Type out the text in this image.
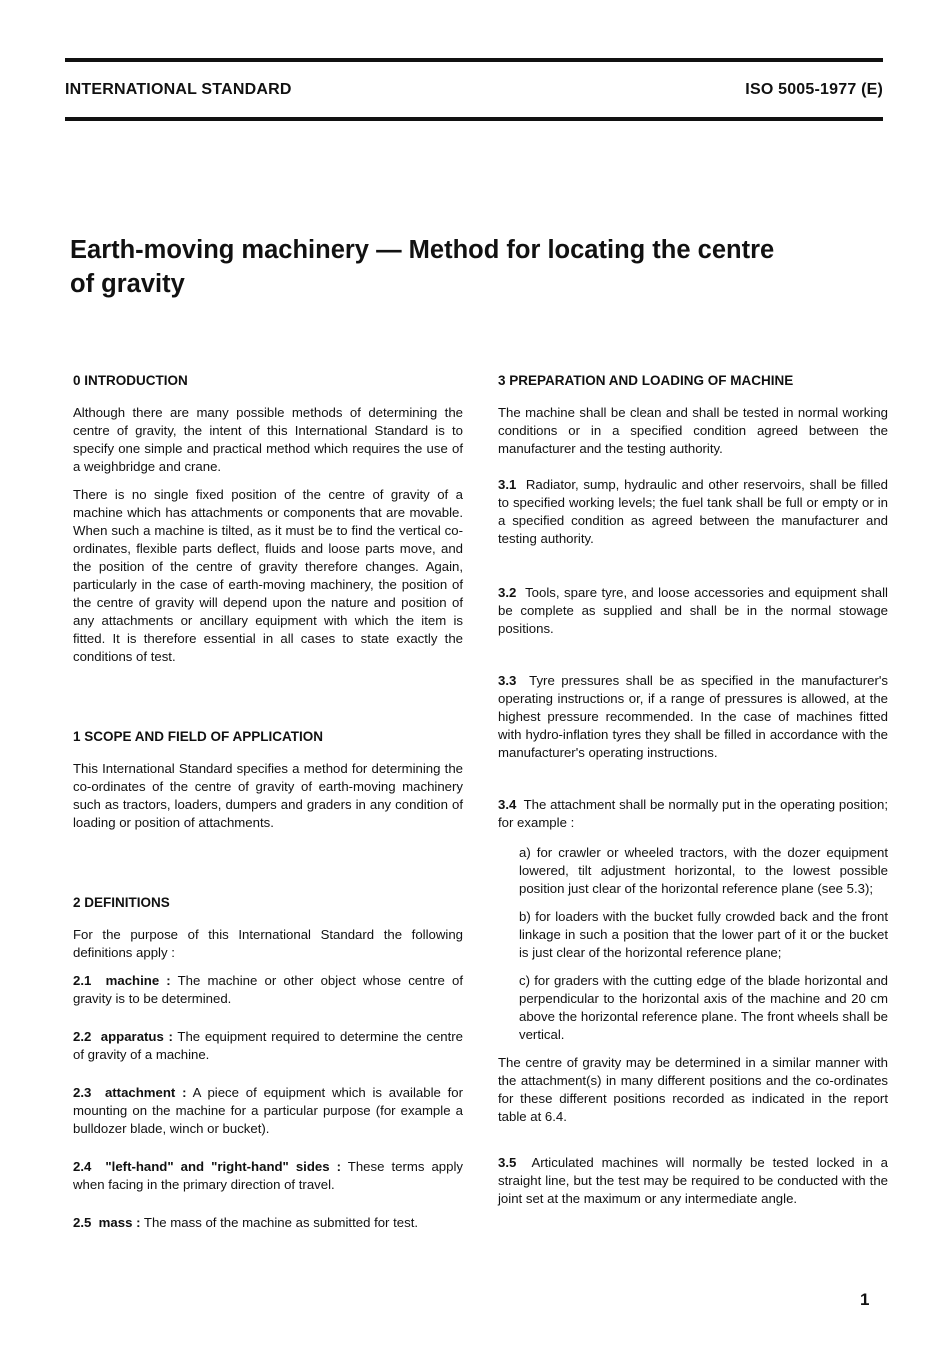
INTERNATIONAL STANDARD	ISO 5005-1977 (E)
Earth-moving machinery — Method for locating the centre
of gravity
0 INTRODUCTION

Although there are many possible methods of determining the centre of gravity, the intent of this International Standard is to specify one simple and practical method which requires the use of a weighbridge and crane.

There is no single fixed position of the centre of gravity of a machine which has attachments or components that are movable. When such a machine is tilted, as it must be to find the vertical co-ordinates, flexible parts deflect, fluids and loose parts move, and the position of the centre of gravity therefore changes. Again, particularly in the case of earth-moving machinery, the position of the centre of gravity will depend upon the nature and position of any attachments or ancillary equipment with which the item is fitted. It is therefore essential in all cases to state exactly the conditions of test.

1 SCOPE AND FIELD OF APPLICATION

This International Standard specifies a method for determining the co-ordinates of the centre of gravity of earth-moving machinery such as tractors, loaders, dumpers and graders in any condition of loading or position of attachments.

2 DEFINITIONS

For the purpose of this International Standard the following definitions apply :

2.1 machine : The machine or other object whose centre of gravity is to be determined.

2.2 apparatus : The equipment required to determine the centre of gravity of a machine.

2.3 attachment : A piece of equipment which is available for mounting on the machine for a particular purpose (for example a bulldozer blade, winch or bucket).

2.4 "left-hand" and "right-hand" sides : These terms apply when facing in the primary direction of travel.

2.5 mass : The mass of the machine as submitted for test.

3 PREPARATION AND LOADING OF MACHINE

The machine shall be clean and shall be tested in normal working conditions or in a specified condition agreed between the manufacturer and the testing authority.

3.1 Radiator, sump, hydraulic and other reservoirs, shall be filled to specified working levels; the fuel tank shall be full or empty or in a specified condition as agreed between the manufacturer and testing authority.

3.2 Tools, spare tyre, and loose accessories and equipment shall be complete as supplied and shall be in the normal stowage positions.

3.3 Tyre pressures shall be as specified in the manufacturer's operating instructions or, if a range of pressures is allowed, at the highest pressure recommended. In the case of machines fitted with hydro-inflation tyres they shall be filled in accordance with the manufacturer's operating instructions.

3.4 The attachment shall be normally put in the operating position; for example :

a) for crawler or wheeled tractors, with the dozer equipment lowered, tilt adjustment horizontal, to the lowest possible position just clear of the horizontal reference plane (see 5.3);

b) for loaders with the bucket fully crowded back and the front linkage in such a position that the lower part of it or the bucket is just clear of the horizontal reference plane;

c) for graders with the cutting edge of the blade horizontal and perpendicular to the horizontal axis of the machine and 20 cm above the horizontal reference plane. The front wheels shall be vertical.

The centre of gravity may be determined in a similar manner with the attachment(s) in many different positions and the co-ordinates for these different positions recorded as indicated in the report table at 6.4.

3.5 Articulated machines will normally be tested locked in a straight line, but the test may be required to be conducted with the joint set at the maximum or any intermediate angle.

1
